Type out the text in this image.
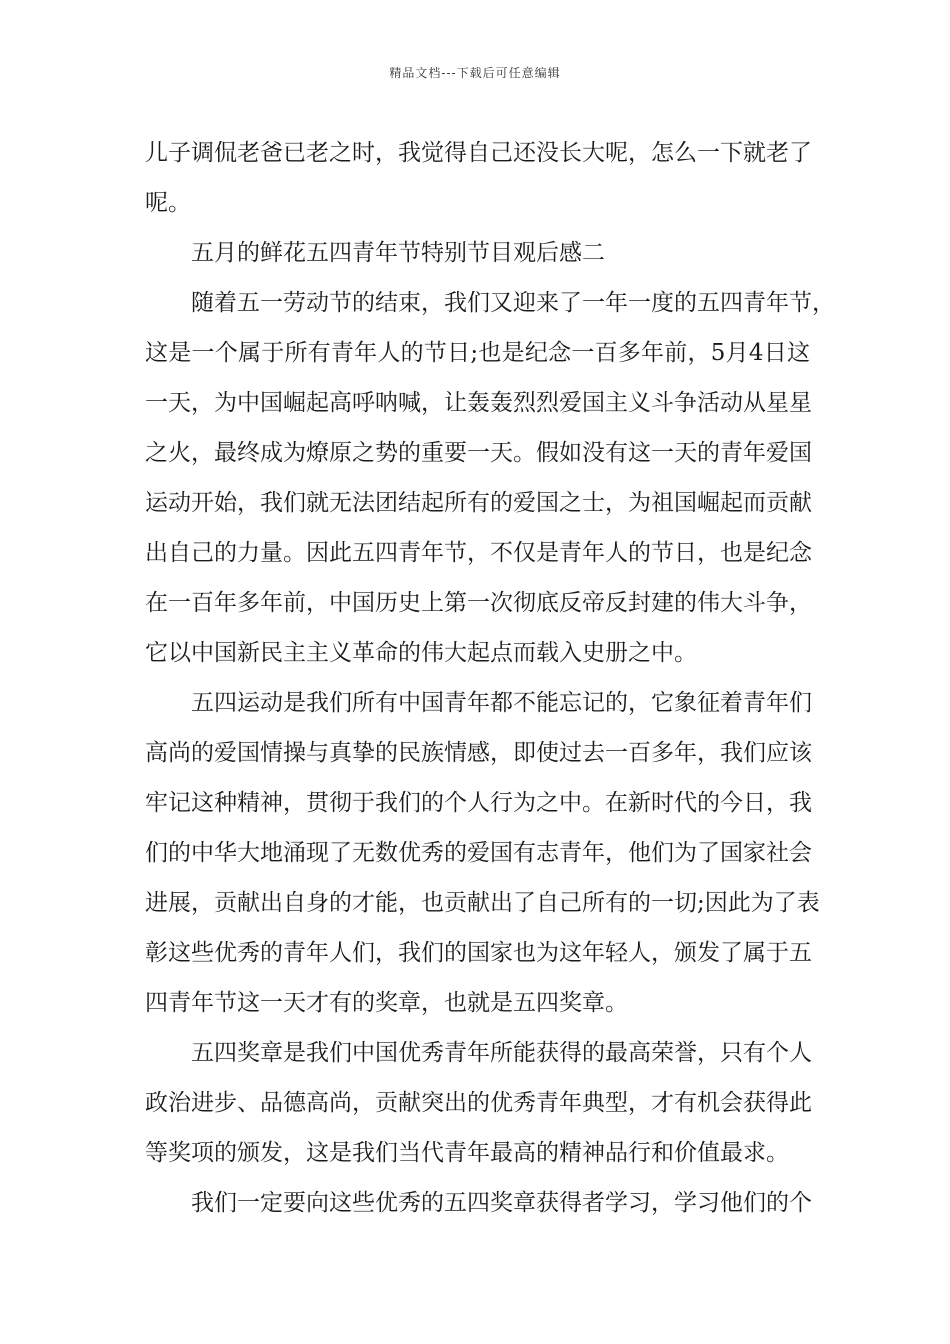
精品文档---下载后可任意编辑

儿子调侃老爸已老之时，我觉得自己还没长大呢，怎么一下就老了
呢。

五月的鲜花五四青年节特别节目观后感二

随着五一劳动节的结束，我们又迎来了一年一度的五四青年节，
这是一个属于所有青年人的节日;也是纪念一百多年前，5月4日这
一天，为中国崛起高呼呐喊，让轰轰烈烈爱国主义斗争活动从星星
之火，最终成为燎原之势的重要一天。假如没有这一天的青年爱国
运动开始，我们就无法团结起所有的爱国之士，为祖国崛起而贡献
出自己的力量。因此五四青年节，不仅是青年人的节日，也是纪念
在一百年多年前，中国历史上第一次彻底反帝反封建的伟大斗争，
它以中国新民主主义革命的伟大起点而载入史册之中。

五四运动是我们所有中国青年都不能忘记的，它象征着青年们
高尚的爱国情操与真挚的民族情感，即使过去一百多年，我们应该
牢记这种精神，贯彻于我们的个人行为之中。在新时代的今日，我
们的中华大地涌现了无数优秀的爱国有志青年，他们为了国家社会
进展，贡献出自身的才能，也贡献出了自己所有的一切;因此为了表
彰这些优秀的青年人们，我们的国家也为这年轻人，颁发了属于五
四青年节这一天才有的奖章，也就是五四奖章。

五四奖章是我们中国优秀青年所能获得的最高荣誉，只有个人
政治进步、品德高尚，贡献突出的优秀青年典型，才有机会获得此
等奖项的颁发，这是我们当代青年最高的精神品行和价值最求。

我们一定要向这些优秀的五四奖章获得者学习，学习他们的个
